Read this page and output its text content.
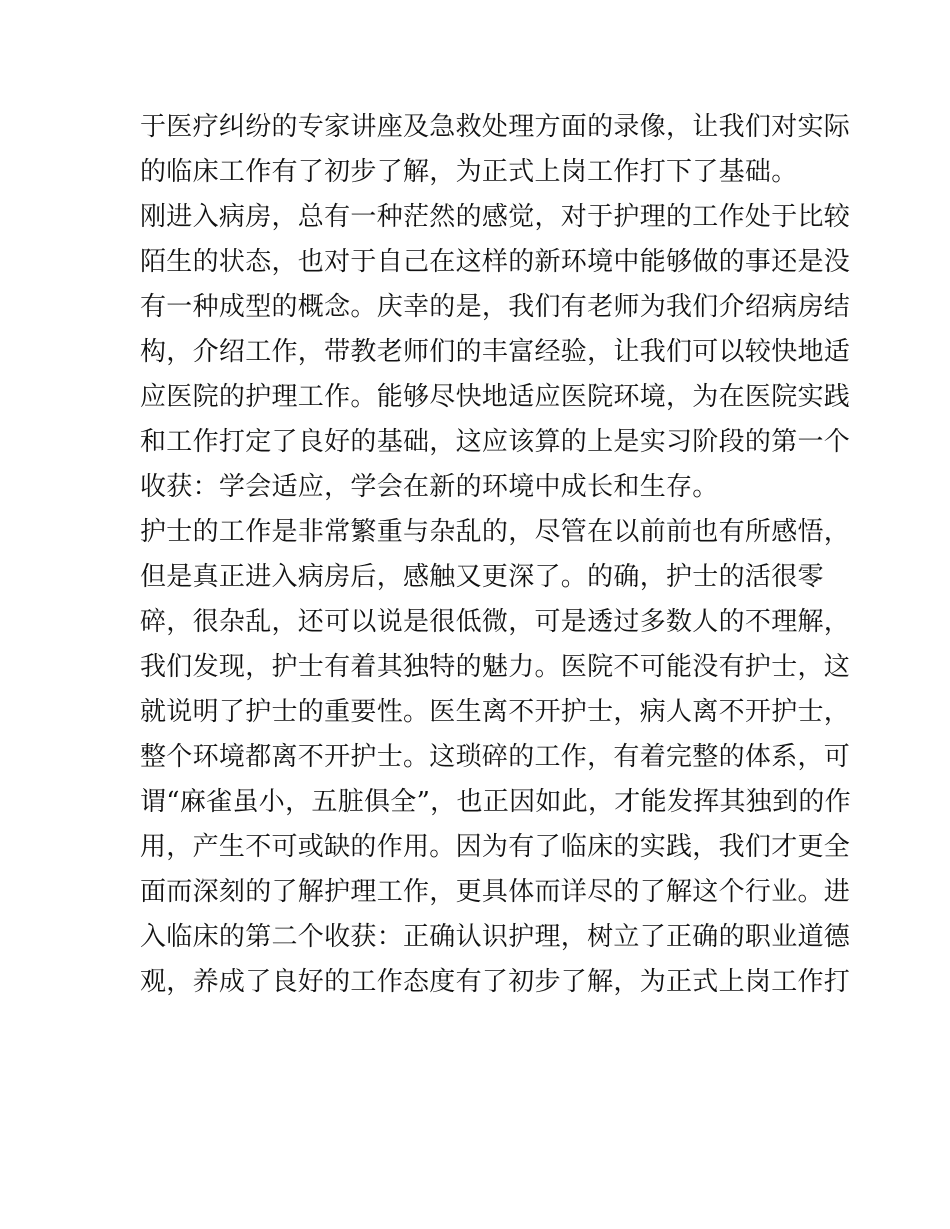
于医疗纠纷的专家讲座及急救处理方面的录像，让我们对实际
的临床工作有了初步了解，为正式上岗工作打下了基础。
刚进入病房，总有一种茫然的感觉，对于护理的工作处于比较
陌生的状态，也对于自己在这样的新环境中能够做的事还是没
有一种成型的概念。庆幸的是，我们有老师为我们介绍病房结
构，介绍工作，带教老师们的丰富经验，让我们可以较快地适
应医院的护理工作。能够尽快地适应医院环境，为在医院实践
和工作打定了良好的基础，这应该算的上是实习阶段的第一个
收获：学会适应，学会在新的环境中成长和生存。
护士的工作是非常繁重与杂乱的，尽管在以前前也有所感悟，
但是真正进入病房后，感触又更深了。的确，护士的活很零
碎，很杂乱，还可以说是很低微，可是透过多数人的不理解，
我们发现，护士有着其独特的魅力。医院不可能没有护士，这
就说明了护士的重要性。医生离不开护士，病人离不开护士，
整个环境都离不开护士。这琐碎的工作，有着完整的体系，可
谓“麻雀虽小，五脏俱全”，也正因如此，才能发挥其独到的作
用，产生不可或缺的作用。因为有了临床的实践，我们才更全
面而深刻的了解护理工作，更具体而详尽的了解这个行业。进
入临床的第二个收获：正确认识护理，树立了正确的职业道德
观，养成了良好的工作态度有了初步了解，为正式上岗工作打
